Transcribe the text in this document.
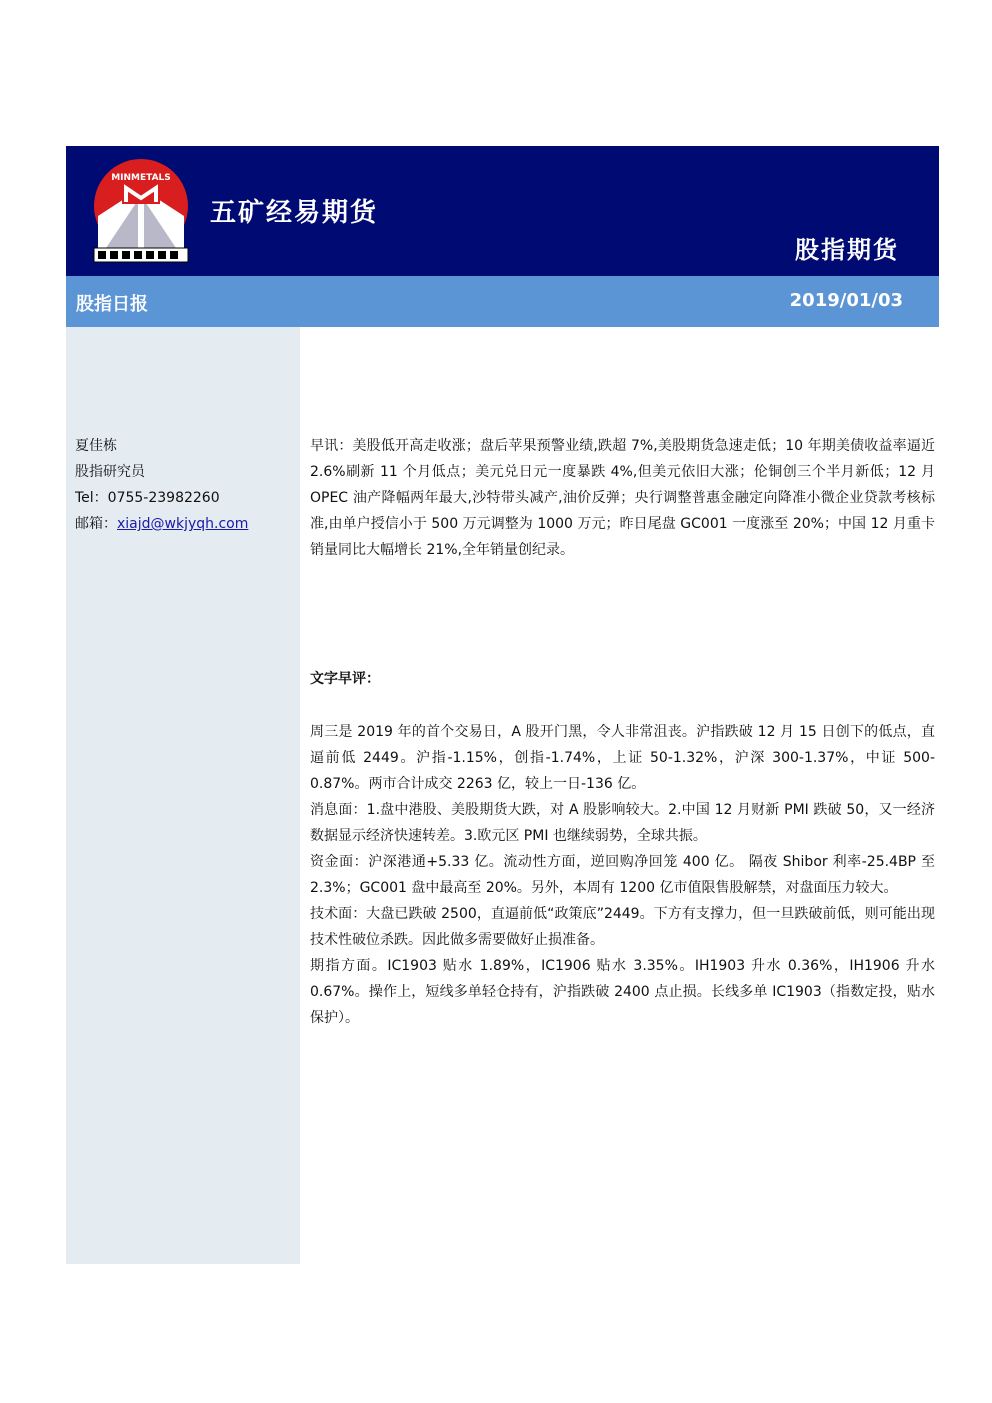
MINMETALS
五矿经易期货
股指期货
股指日报	2019/01/03
夏佳栋
股指研究员
Tel：0755-23982260
邮箱：xiajd@wkjyqh.com

早讯：美股低开高走收涨；盘后苹果预警业绩,跌超 7%,美股期货急速走低；10 年期美债收益率逼近 2.6%刷新 11 个月低点；美元兑日元一度暴跌 4%,但美元依旧大涨；伦铜创三个半月新低；12 月 OPEC 油产降幅两年最大,沙特带头减产,油价反弹；央行调整普惠金融定向降准小微企业贷款考核标准,由单户授信小于 500 万元调整为 1000 万元；昨日尾盘 GC001 一度涨至 20%；中国 12 月重卡销量同比大幅增长 21%,全年销量创纪录。

文字早评：

周三是 2019 年的首个交易日，A 股开门黑，令人非常沮丧。沪指跌破 12 月 15 日创下的低点，直逼前低 2449。沪指-1.15%，创指-1.74%，上证 50-1.32%，沪深 300-1.37%，中证 500-0.87%。两市合计成交 2263 亿，较上一日-136 亿。

消息面：1.盘中港股、美股期货大跌，对 A 股影响较大。2.中国 12 月财新 PMI 跌破 50，又一经济数据显示经济快速转差。3.欧元区 PMI 也继续弱势，全球共振。

资金面：沪深港通+5.33 亿。流动性方面，逆回购净回笼 400 亿。 隔夜 Shibor 利率-25.4BP 至 2.3%；GC001 盘中最高至 20%。另外，本周有 1200 亿市值限售股解禁，对盘面压力较大。

技术面：大盘已跌破 2500，直逼前低“政策底”2449。下方有支撑力，但一旦跌破前低，则可能出现技术性破位杀跌。因此做多需要做好止损准备。

期指方面。IC1903 贴水 1.89%，IC1906 贴水 3.35%。IH1903 升水 0.36%，IH1906 升水 0.67%。操作上，短线多单轻仓持有，沪指跌破 2400 点止损。长线多单 IC1903（指数定投，贴水保护）。
